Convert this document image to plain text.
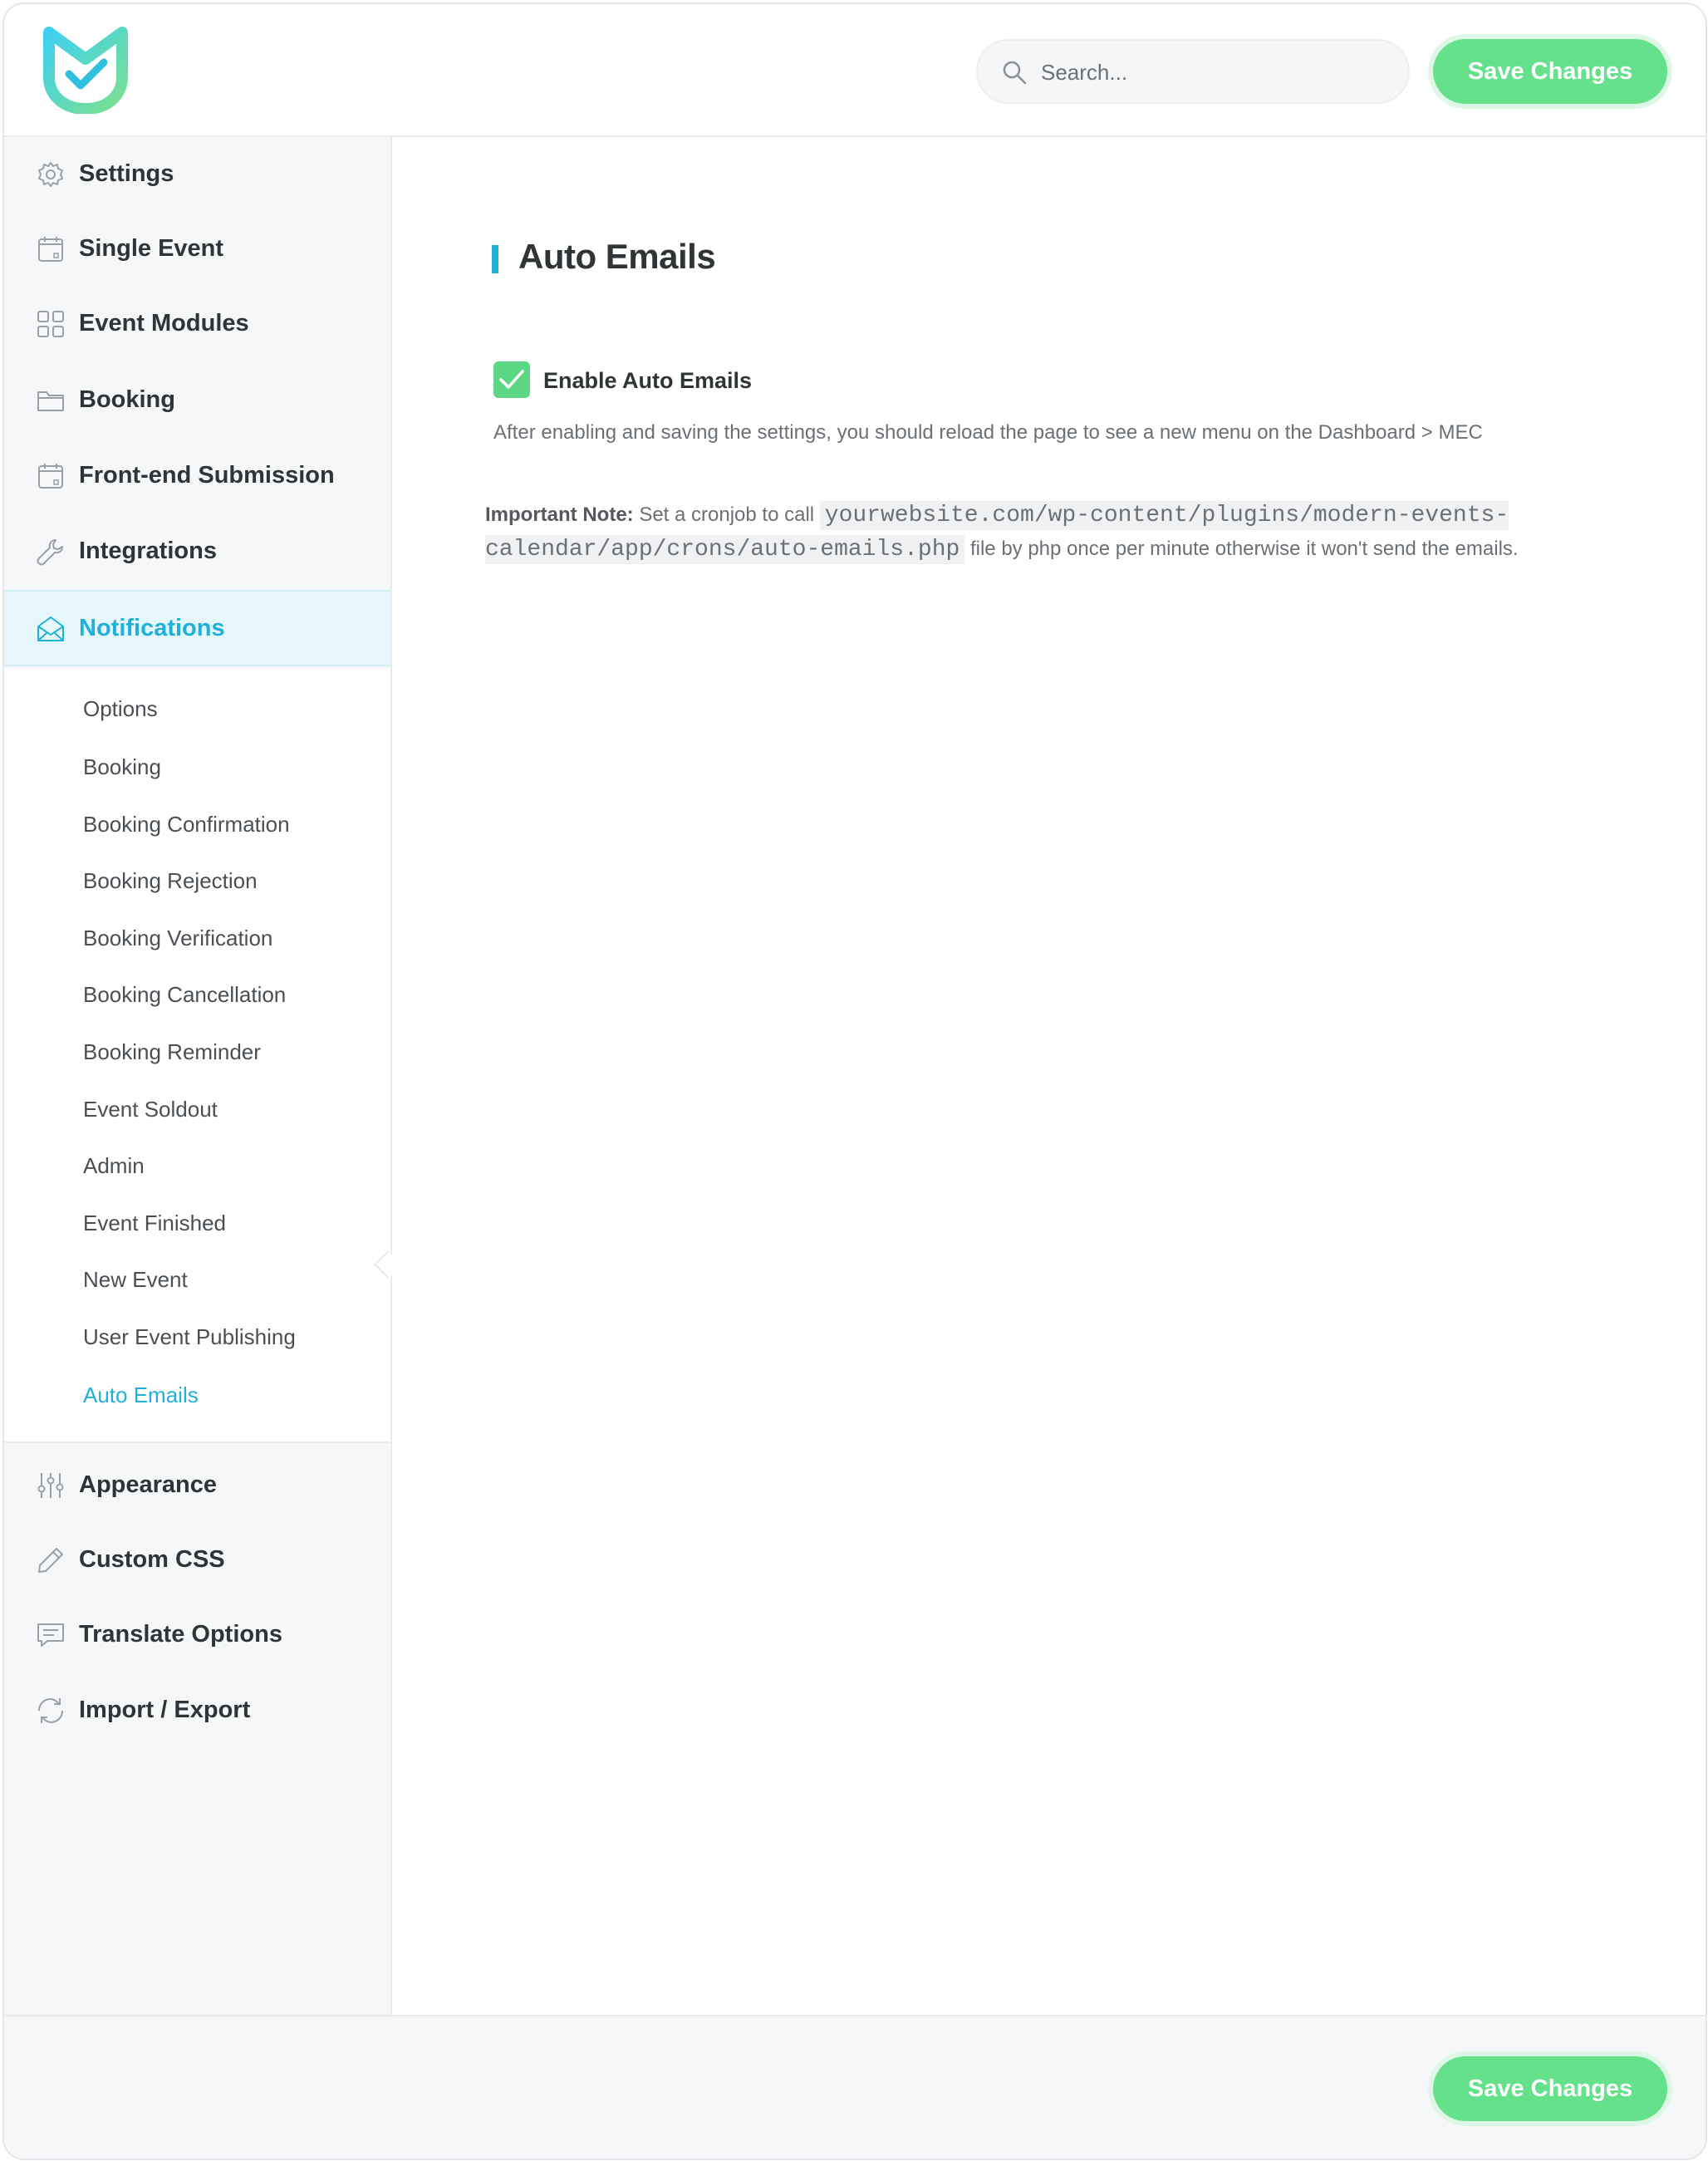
Search...
Save Changes
Settings
Single Event
Event Modules
Booking
Front-end Submission
Integrations
Notifications
Options
Booking
Booking Confirmation
Booking Rejection
Booking Verification
Booking Cancellation
Booking Reminder
Event Soldout
Admin
Event Finished
New Event
User Event Publishing
Auto Emails
Appearance
Custom CSS
Translate Options
Import / Export
Auto Emails
Enable Auto Emails
After enabling and saving the settings, you should reload the page to see a new menu on the Dashboard > MEC
Important Note: Set a cronjob to call yourwebsite.com/wp-content/plugins/modern-events-calendar/app/crons/auto-emails.php file by php once per minute otherwise it won't send the emails.
Save Changes
